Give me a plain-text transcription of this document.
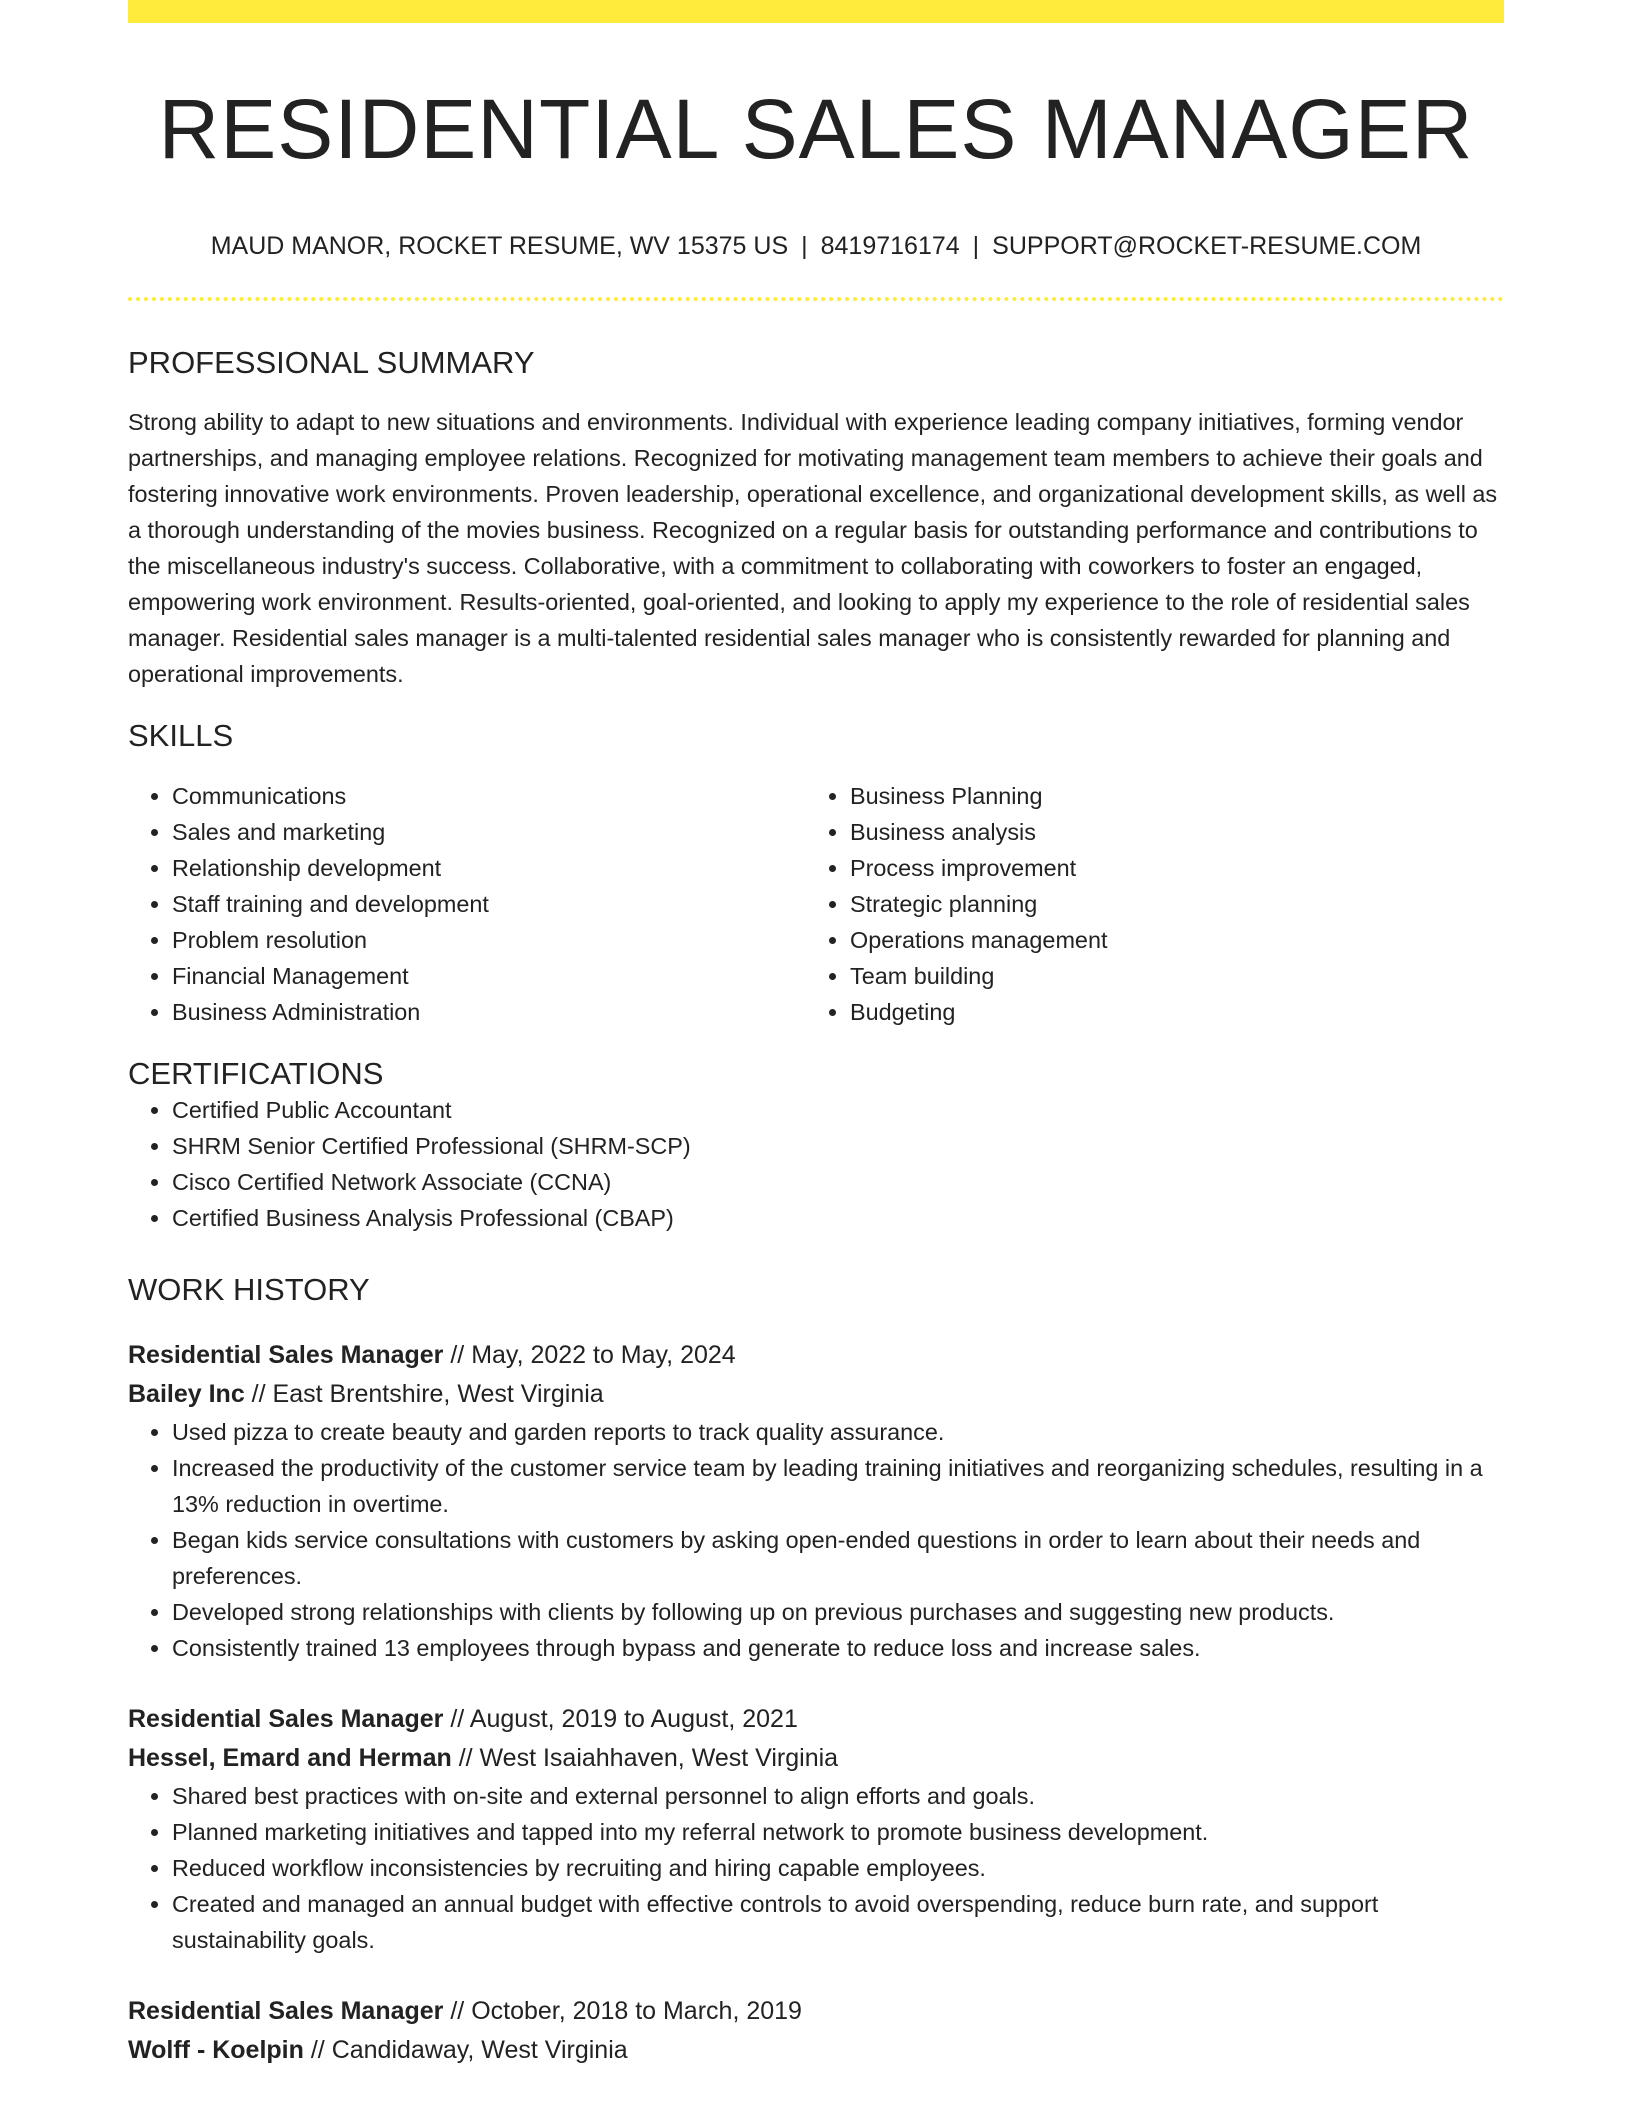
RESIDENTIAL SALES MANAGER
MAUD MANOR, ROCKET RESUME, WV 15375 US | 8419716174 | SUPPORT@ROCKET-RESUME.COM
PROFESSIONAL SUMMARY
Strong ability to adapt to new situations and environments. Individual with experience leading company initiatives, forming vendor partnerships, and managing employee relations. Recognized for motivating management team members to achieve their goals and fostering innovative work environments. Proven leadership, operational excellence, and organizational development skills, as well as a thorough understanding of the movies business. Recognized on a regular basis for outstanding performance and contributions to the miscellaneous industry's success. Collaborative, with a commitment to collaborating with coworkers to foster an engaged, empowering work environment. Results-oriented, goal-oriented, and looking to apply my experience to the role of residential sales manager. Residential sales manager is a multi-talented residential sales manager who is consistently rewarded for planning and operational improvements.
SKILLS
• Communications
• Sales and marketing
• Relationship development
• Staff training and development
• Problem resolution
• Financial Management
• Business Administration
• Business Planning
• Business analysis
• Process improvement
• Strategic planning
• Operations management
• Team building
• Budgeting
CERTIFICATIONS
• Certified Public Accountant
• SHRM Senior Certified Professional (SHRM-SCP)
• Cisco Certified Network Associate (CCNA)
• Certified Business Analysis Professional (CBAP)
WORK HISTORY
Residential Sales Manager // May, 2022 to May, 2024
Bailey Inc // East Brentshire, West Virginia
• Used pizza to create beauty and garden reports to track quality assurance.
• Increased the productivity of the customer service team by leading training initiatives and reorganizing schedules, resulting in a 13% reduction in overtime.
• Began kids service consultations with customers by asking open-ended questions in order to learn about their needs and preferences.
• Developed strong relationships with clients by following up on previous purchases and suggesting new products.
• Consistently trained 13 employees through bypass and generate to reduce loss and increase sales.
Residential Sales Manager // August, 2019 to August, 2021
Hessel, Emard and Herman // West Isaiahhaven, West Virginia
• Shared best practices with on-site and external personnel to align efforts and goals.
• Planned marketing initiatives and tapped into my referral network to promote business development.
• Reduced workflow inconsistencies by recruiting and hiring capable employees.
• Created and managed an annual budget with effective controls to avoid overspending, reduce burn rate, and support sustainability goals.
Residential Sales Manager // October, 2018 to March, 2019
Wolff - Koelpin // Candidaway, West Virginia
